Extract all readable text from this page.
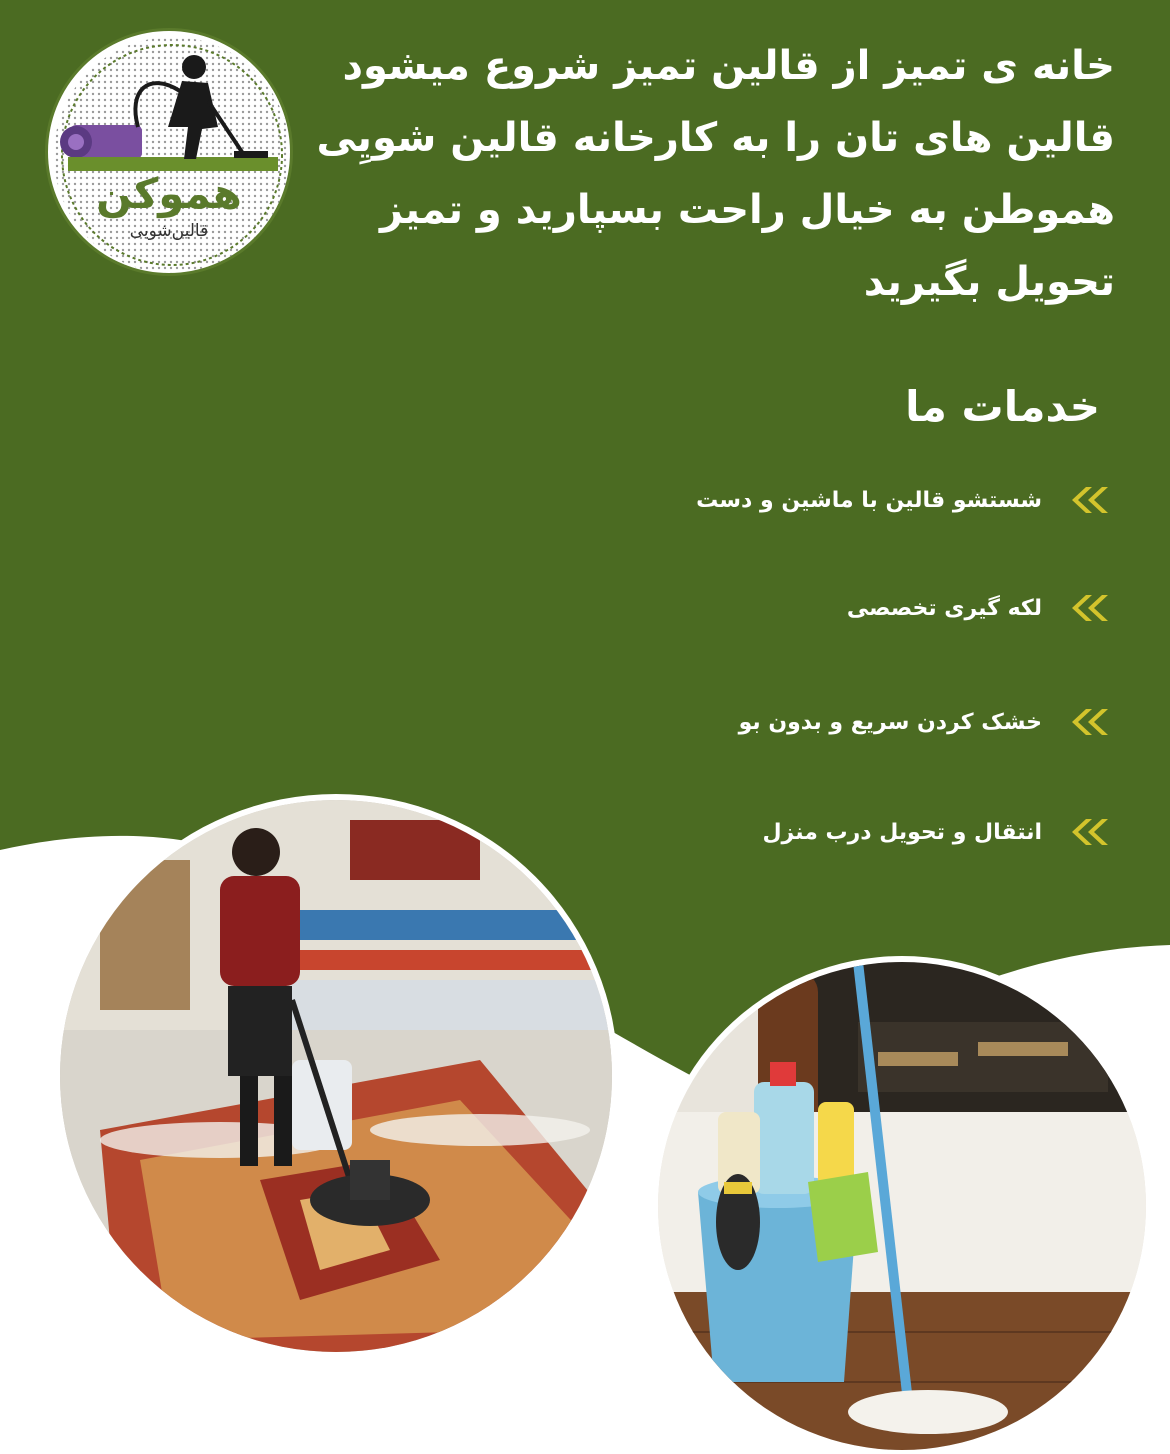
هموکن
قالین‌شویی

خانه ی تمیز از قالین تمیز شروع میشود قالین های تان را به کارخانه قالین شویِی هموطن به خیال راحت بسپارید و تمیز تحویل بگیرید

خدمات ما
شستشو قالین با ماشین و دست
لکه گیری تخصصی
خشک کردن سریع و بدون بو
انتقال و تحویل درب منزل
